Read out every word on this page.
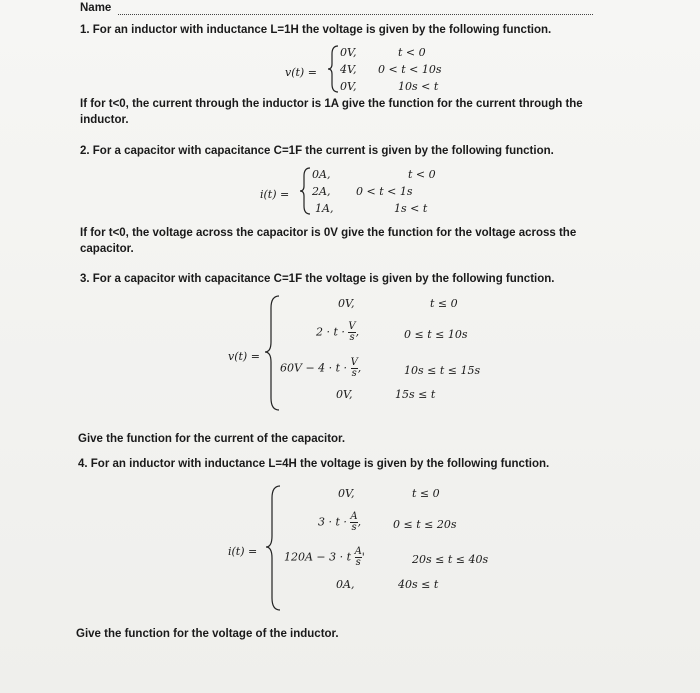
Name
1. For an inductor with inductance L=1H the voltage is given by the following function.
v(t) =
0V,	t < 0
4V, 0 < t < 10s
0V,	10s < t
If for t<0, the current through the inductor is 1A give the function for the current through the
inductor.
2. For a capacitor with capacitance C=1F the current is given by the following function.
i(t) =
0A,	t < 0
2A, 0 < t < 1s
1A,	1s < t
If for t<0, the voltage across the capacitor is 0V give the function for the voltage across the
capacitor.
3. For a capacitor with capacitance C=1F the voltage is given by the following function.
v(t) =
0V,	t ≤ 0
$2 \cdot t \cdot \frac{V}{s}$ ,	0 ≤ t ≤ 10s
$60V - 4 \cdot t \cdot \frac{V}{s}$ ,	10s ≤ t ≤ 15s
0V,	15s ≤ t
Give the function for the current of the capacitor.
4. For an inductor with inductance L=4H the voltage is given by the following function.
i(t) =
0V,	t ≤ 0
$3 \cdot t \cdot \frac{A}{s}$ ,	0 ≤ t ≤ 20s
120A − 3 · t $\frac{A}{s}$ '	20s ≤ t ≤ 40s
0A,	40s ≤ t
Give the function for the voltage of the inductor.
